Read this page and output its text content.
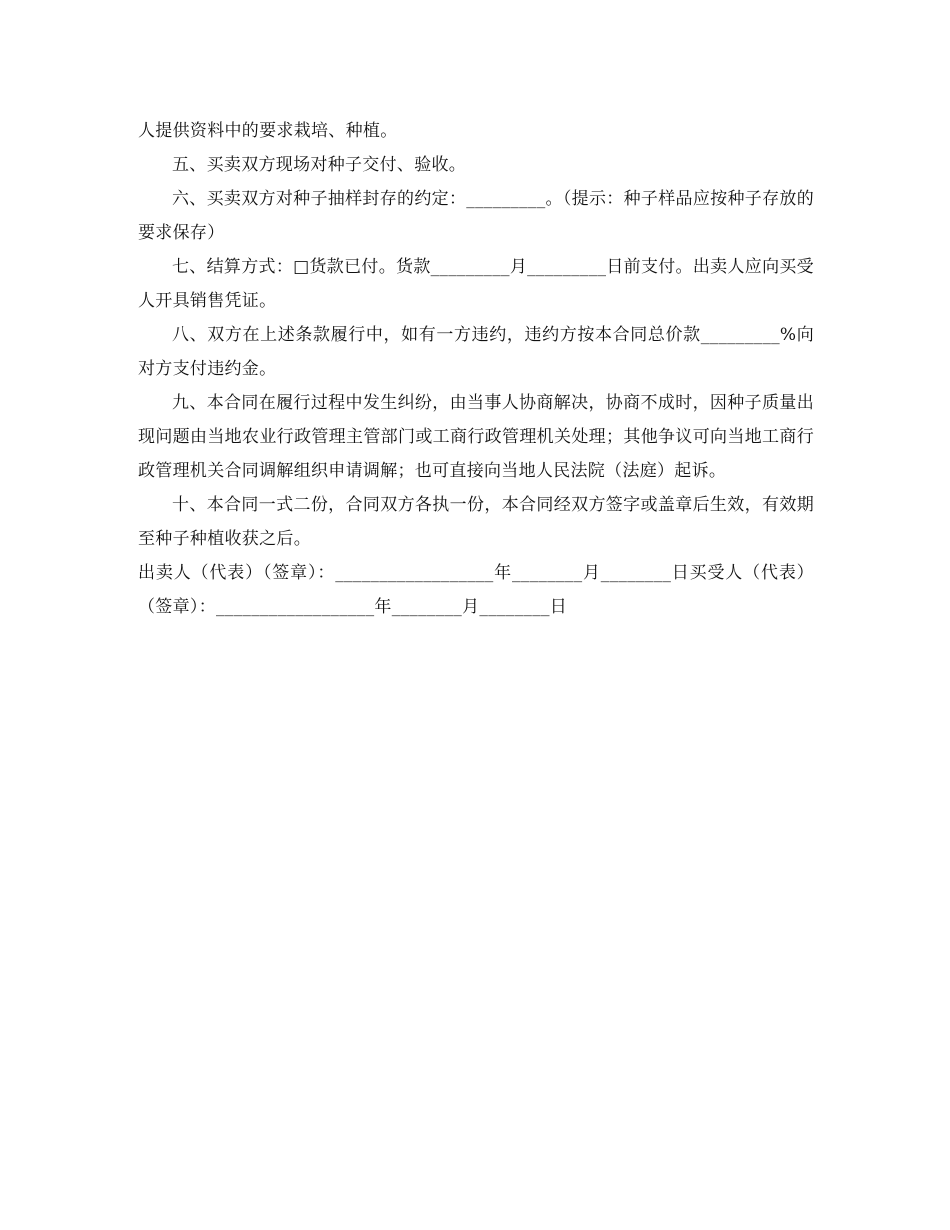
人提供资料中的要求栽培、种植。

五、买卖双方现场对种子交付、验收。

六、买卖双方对种子抽样封存的约定：_________。（提示：种子样品应按种子存放的要求保存）

七、结算方式：□货款已付。货款_________月_________日前支付。出卖人应向买受人开具销售凭证。

八、双方在上述条款履行中，如有一方违约，违约方按本合同总价款_________%向对方支付违约金。

九、本合同在履行过程中发生纠纷，由当事人协商解决，协商不成时，因种子质量出现问题由当地农业行政管理主管部门或工商行政管理机关处理；其他争议可向当地工商行政管理机关合同调解组织申请调解；也可直接向当地人民法院（法庭）起诉。

十、本合同一式二份，合同双方各执一份，本合同经双方签字或盖章后生效，有效期至种子种植收获之后。

出卖人（代表）（签章）：__________________年________月________日买受人（代表）（签章）：__________________年________月________日
